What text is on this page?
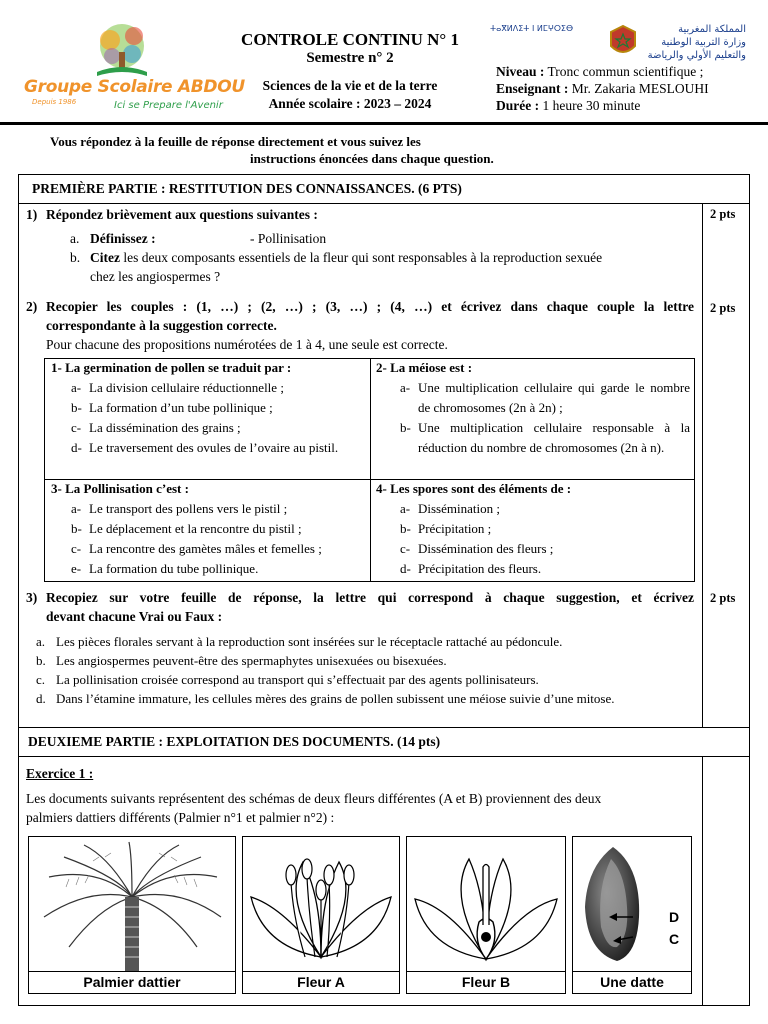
Groupe Scolaire ABDOU
Depuis 1986	Ici se Prepare l'Avenir
CONTROLE CONTINU N° 1
Semestre n° 2
Sciences de la vie et de la terre
Année scolaire : 2023 – 2024
ⵜⴰⴳⵍⴷⵉⵜ ⵏ ⵍⵎⵖⵔⵉⴱ	المملكة المغربية
وزارة التربية الوطنية
والتعليم الأولي والرياضة
Niveau : Tronc commun scientifique ;
Enseignant : Mr. Zakaria MESLOUHI
Durée : 1 heure 30 minute
Vous répondez à la feuille de réponse directement et vous suivez les
instructions énoncées dans chaque question.
PREMIÈRE PARTIE : RESTITUTION DES CONNAISSANCES. (6 PTS)
1) Répondez brièvement aux questions suivantes :	2 pts
a. Définissez :	- Pollinisation
b. Citez les deux composants essentiels de la fleur qui sont responsables à la reproduction sexuée
chez les angiospermes ?
2) Recopier les couples : (1, …) ; (2, …) ; (3, …) ; (4, …) et écrivez dans chaque couple la lettre
correspondante à la suggestion correcte.
Pour chacune des propositions numérotées de 1 à 4, une seule est correcte.
2 pts
1- La germination de pollen se traduit par :
a- La division cellulaire réductionnelle ;
b- La formation d’un tube pollinique ;
c- La dissémination des grains ;
d- Le traversement des ovules de l’ovaire au pistil.
2- La méiose est :
a- Une multiplication cellulaire qui garde le nombre de chromosomes (2n à 2n) ;
b- Une multiplication cellulaire responsable à la réduction du nombre de chromosomes (2n à n).
3- La Pollinisation c’est :
a- Le transport des pollens vers le pistil ;
b- Le déplacement et la rencontre du pistil ;
c- La rencontre des gamètes mâles et femelles ;
e- La formation du tube pollinique.
4- Les spores sont des éléments de :
a- Dissémination ;
b- Précipitation ;
c- Dissémination des fleurs ;
d- Précipitation des fleurs.
3) Recopiez sur votre feuille de réponse, la lettre qui correspond à chaque suggestion, et écrivez
devant chacune Vrai ou Faux :
2 pts
a. Les pièces florales servant à la reproduction sont insérées sur le réceptacle rattaché au pédoncule.
b. Les angiospermes peuvent-être des spermaphytes unisexuées ou bisexuées.
c. La pollinisation croisée correspond au transport qui s’effectuait par des agents pollinisateurs.
d. Dans l’étamine immature, les cellules mères des grains de pollen subissent une méiose suivie d’une mitose.
DEUXIEME PARTIE : EXPLOITATION DES DOCUMENTS. (14 pts)
Exercice 1 :
Les documents suivants représentent des schémas de deux fleurs différentes (A et B) proviennent des deux
palmiers dattiers différents (Palmier n°1 et palmier n°2) :
Palmier dattier	Fleur A	Fleur B
D
C
Une datte
